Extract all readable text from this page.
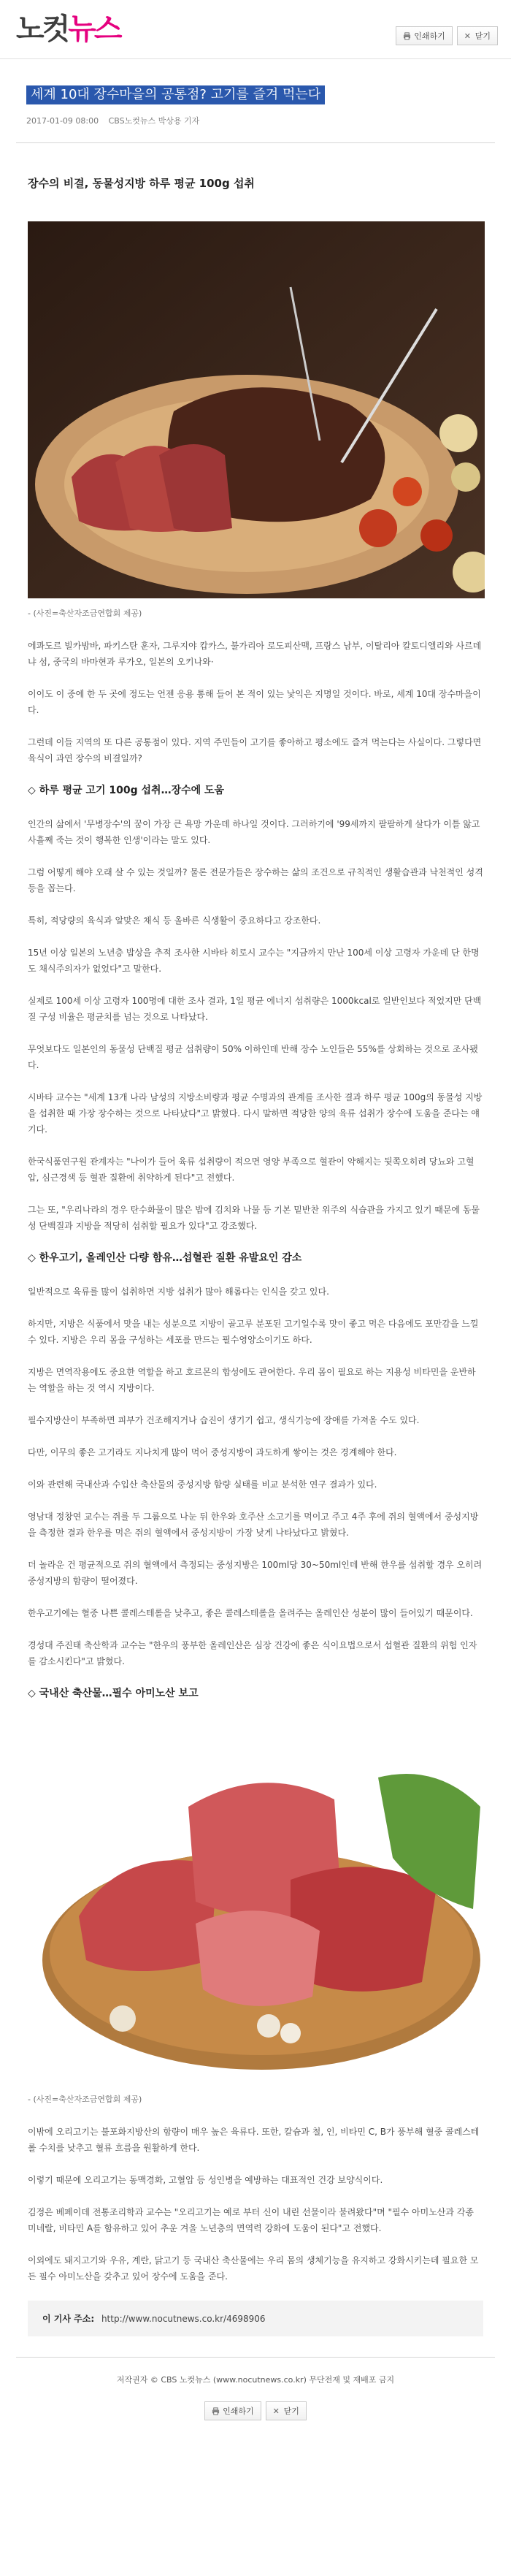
노컷뉴스	인쇄하기 ✕ 닫기
세계 10대 장수마을의 공통점? 고기를 즐겨 먹는다
2017-01-09 08:00 CBS노컷뉴스 박상용 기자
장수의 비결, 동물성지방 하루 평균 100g 섭취
- (사진=축산자조금연합회 제공)

에콰도르 빌카밤바, 파키스탄 훈자, 그루지야 캅카스, 불가리아 로도피산맥, 프랑스 남부, 이탈리아 칼토디엘리와 사르데냐 섬, 중국의 바마현과 루가오, 일본의 오키나와·

이이도 이 중에 한 두 곳에 정도는 언젠 응용 통해 들어 본 적이 있는 낯익은 지명일 것이다. 바로, 세계 10대 장수마을이다.

그런데 이들 지역의 또 다른 공통점이 있다. 지역 주민들이 고기를 좋아하고 평소에도 즐겨 먹는다는 사실이다. 그렇다면 육식이 과연 장수의 비결일까?

◇ 하루 평균 고기 100g 섭취…장수에 도움

인간의 삶에서 '무병장수'의 꿈이 가장 큰 욕망 가운데 하나일 것이다. 그러하기에 '99세까지 팔팔하게 살다가 이틀 앓고 사흘째 죽는 것이 행복한 인생'이라는 말도 있다.

그럼 어떻게 해야 오래 살 수 있는 것일까? 물론 전문가들은 장수하는 삶의 조건으로 규칙적인 생활습관과 낙천적인 성격 등을 꼽는다.

특히, 적당량의 육식과 알맞은 채식 등 올바른 식생활이 중요하다고 강조한다.

15년 이상 일본의 노년층 밥상을 추적 조사한 시바타 히로시 교수는 "지금까지 만난 100세 이상 고령자 가운데 단 한명도 채식주의자가 없었다"고 말한다.

실제로 100세 이상 고령자 100명에 대한 조사 결과, 1일 평균 에너지 섭취량은 1000kcal로 일반인보다 적었지만 단백질 구성 비율은 평균치를 넘는 것으로 나타났다.

무엇보다도 일본인의 동물성 단백질 평균 섭취량이 50% 이하인데 반해 장수 노인들은 55%를 상회하는 것으로 조사됐다.

시바타 교수는 "세계 13개 나라 남성의 지방소비량과 평균 수명과의 관계를 조사한 결과 하루 평균 100g의 동물성 지방을 섭취한 때 가장 장수하는 것으로 나타났다"고 밝혔다. 다시 말하면 적당한 양의 육류 섭취가 장수에 도움을 준다는 얘기다.

한국식품연구원 관계자는 "나이가 들어 육류 섭취량이 적으면 영양 부족으로 혈관이 약해지는 뒷쪽오히려 당뇨와 고혈압, 심근경색 등 혈관 질환에 취약하게 된다"고 전했다.

그는 또, "우리나라의 경우 탄수화물이 많은 밥에 김치와 나물 등 기본 밑반찬 위주의 식습관을 가지고 있기 때문에 동물성 단백질과 지방을 적당히 섭취할 필요가 있다"고 강조했다.

◇ 한우고기, 올레인산 다량 함유…섭혈관 질환 유발요인 감소

일반적으로 육류를 많이 섭취하면 지방 섭취가 많아 해롭다는 인식을 갖고 있다.

하지만, 지방은 식품에서 맛을 내는 성분으로 지방이 골고루 분포된 고기일수록 맛이 좋고 먹은 다음에도 포만감을 느낄 수 있다. 지방은 우리 몸을 구성하는 세포를 만드는 필수영양소이기도 하다.

지방은 면역작용에도 중요한 역할을 하고 호르몬의 합성에도 관여한다. 우리 몸이 필요로 하는 지용성 비타민을 운반하는 역할을 하는 것 역시 지방이다.

필수지방산이 부족하면 피부가 건조해지거나 습진이 생기기 쉽고, 생식기능에 장애를 가져올 수도 있다.

다만, 이무의 좋은 고기라도 지나치게 많이 먹어 중성지방이 과도하게 쌓이는 것은 경계해야 한다.

이와 관련해 국내산과 수입산 축산물의 중성지방 함량 실태를 비교 분석한 연구 결과가 있다.

영남대 정창연 교수는 쥐를 두 그룹으로 나눈 뒤 한우와 호주산 소고기를 먹이고 주고 4주 후에 쥐의 혈액에서 중성지방을 측정한 결과 한우를 먹은 쥐의 혈액에서 중성지방이 가장 낮게 나타났다고 밝혔다.

더 놀라운 건 평균적으로 쥐의 혈액에서 측정되는 중성지방은 100ml당 30~50ml인데 반해 한우를 섭취할 경우 오히려 중성지방의 함량이 떨어졌다.

한우고기에는 혈중 나쁜 콜레스테롤을 낮추고, 좋은 콜레스테롤을 올려주는 올레인산 성분이 많이 들어있기 때문이다.

경성대 주진태 축산학과 교수는 "한우의 풍부한 올레인산은 심장 건강에 좋은 식이요법으로서 섭혈관 질환의 위험 인자를 감소시킨다"고 밝혔다.

◇ 국내산 축산물…필수 아미노산 보고
- (사진=축산자조금연합회 제공)

이밖에 오리고기는 불포화지방산의 함량이 매우 높은 육류다. 또한, 칼슘과 철, 인, 비타민 C, B가 풍부해 혈중 콜레스테롤 수치를 낮추고 혈류 흐름을 원활하게 한다.

이렇기 때문에 오리고기는 동맥경화, 고혈압 등 성인병을 예방하는 대표적인 건강 보양식이다.

김정은 베페이데 전통조리학과 교수는 "오리고기는 예로 부터 신이 내린 선물이라 불려왔다"며 "필수 아미노산과 각종 미네랄, 비타민 A를 함유하고 있어 추운 겨울 노년층의 면역력 강화에 도움이 된다"고 전했다.

이외에도 돼지고기와 우유, 계란, 닭고기 등 국내산 축산물에는 우리 몸의 생체기능을 유지하고 강화시키는데 필요한 모든 필수 아미노산을 갖추고 있어 장수에 도움을 준다.

이 기사 주소: http://www.nocutnews.co.kr/4698906
저작권자 © CBS 노컷뉴스 (www.nocutnews.co.kr) 무단전재 및 재배포 금지
인쇄하기 ✕ 닫기
